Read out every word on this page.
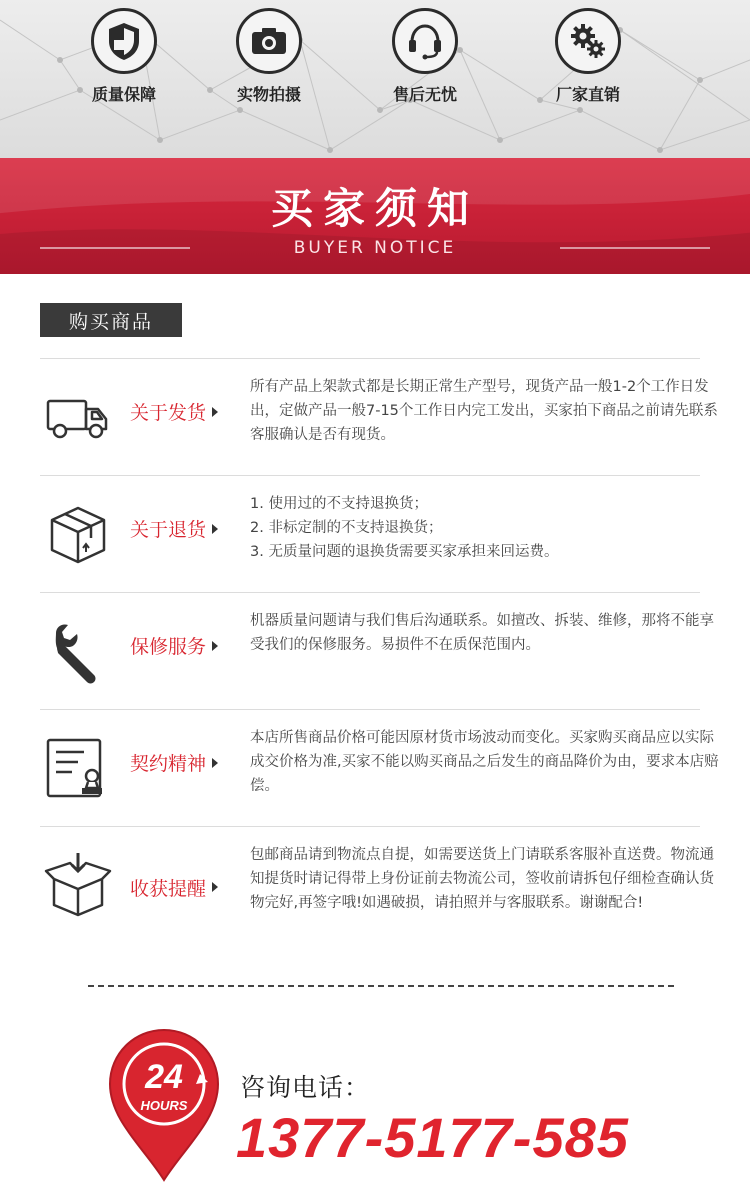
质量保障	实物拍摄	售后无忧	厂家直销
买家须知
BUYER NOTICE
购买商品
关于发货

所有产品上架款式都是长期正常生产型号，现货产品一般1-2个工作日发出，定做产品一般7-15个工作日内完工发出，买家拍下商品之前请先联系客服确认是否有现货。

关于退货

1. 使用过的不支持退换货；

2. 非标定制的不支持退换货；

3. 无质量问题的退换货需要买家承担来回运费。

保修服务

机器质量问题请与我们售后沟通联系。如擅改、拆装、维修，那将不能享受我们的保修服务。易损件不在质保范围内。

契约精神

本店所售商品价格可能因原材货市场波动而变化。买家购买商品应以实际成交价格为准,买家不能以购买商品之后发生的商品降价为由，要求本店赔偿。

收获提醒

包邮商品请到物流点自提，如需要送货上门请联系客服补直送费。物流通知提货时请记得带上身份证前去物流公司，签收前请拆包仔细检查确认货物完好,再签字哦!如遇破损，请拍照并与客服联系。谢谢配合!

24
HOURS
咨询电话：
1377-5177-585
